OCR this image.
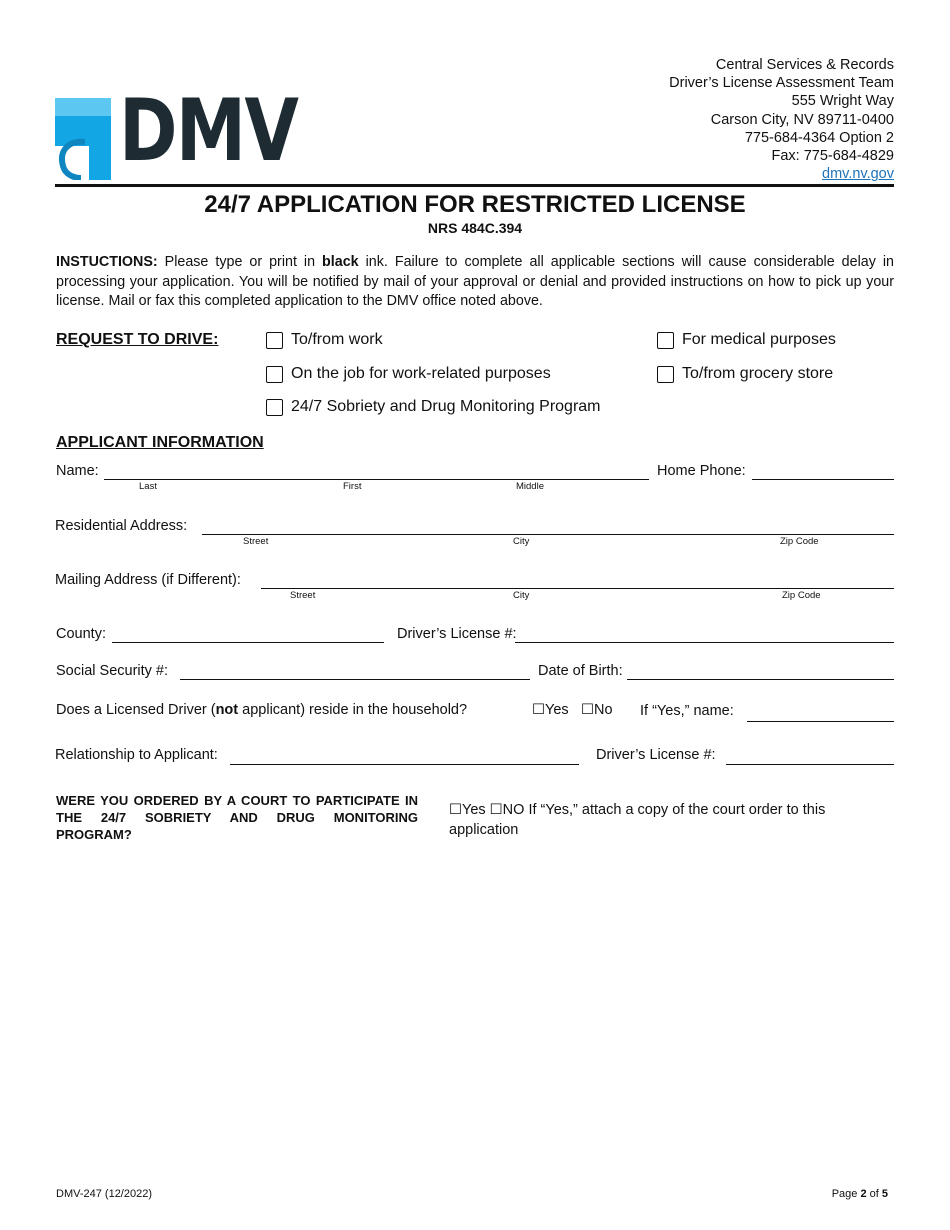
DMV
Central Services & Records
Driver’s License Assessment Team
555 Wright Way
Carson City, NV 89711-0400
775-684-4364 Option 2
Fax: 775-684-4829
dmv.nv.gov
24/7 APPLICATION FOR RESTRICTED LICENSE
NRS 484C.394
INSTUCTIONS: Please type or print in black ink. Failure to complete all applicable sections will cause considerable delay in processing your application. You will be notified by mail of your approval or denial and provided instructions on how to pick up your license. Mail or fax this completed application to the DMV office noted above.
REQUEST TO DRIVE:	To/from work
On the job for work-related purposes
24/7 Sobriety and Drug Monitoring Program
For medical purposes
To/from grocery store
APPLICANT INFORMATION
Name:
Last	First	Middle
Home Phone:
Residential Address:
Street	City	Zip Code
Mailing Address (if Different):
Street	City	Zip Code
County:	Driver’s License #:
Social Security #:	Date of Birth:
Does a Licensed Driver (not applicant) reside in the household?	☐Yes ☐No If “Yes,” name:
Relationship to Applicant:	Driver’s License #:
WERE YOU ORDERED BY A COURT TO PARTICIPATE IN THE 24/7 SOBRIETY AND DRUG MONITORING PROGRAM?
☐Yes ☐NO If “Yes,” attach a copy of the court order to this application
DMV-247 (12/2022)	Page 2 of 5
